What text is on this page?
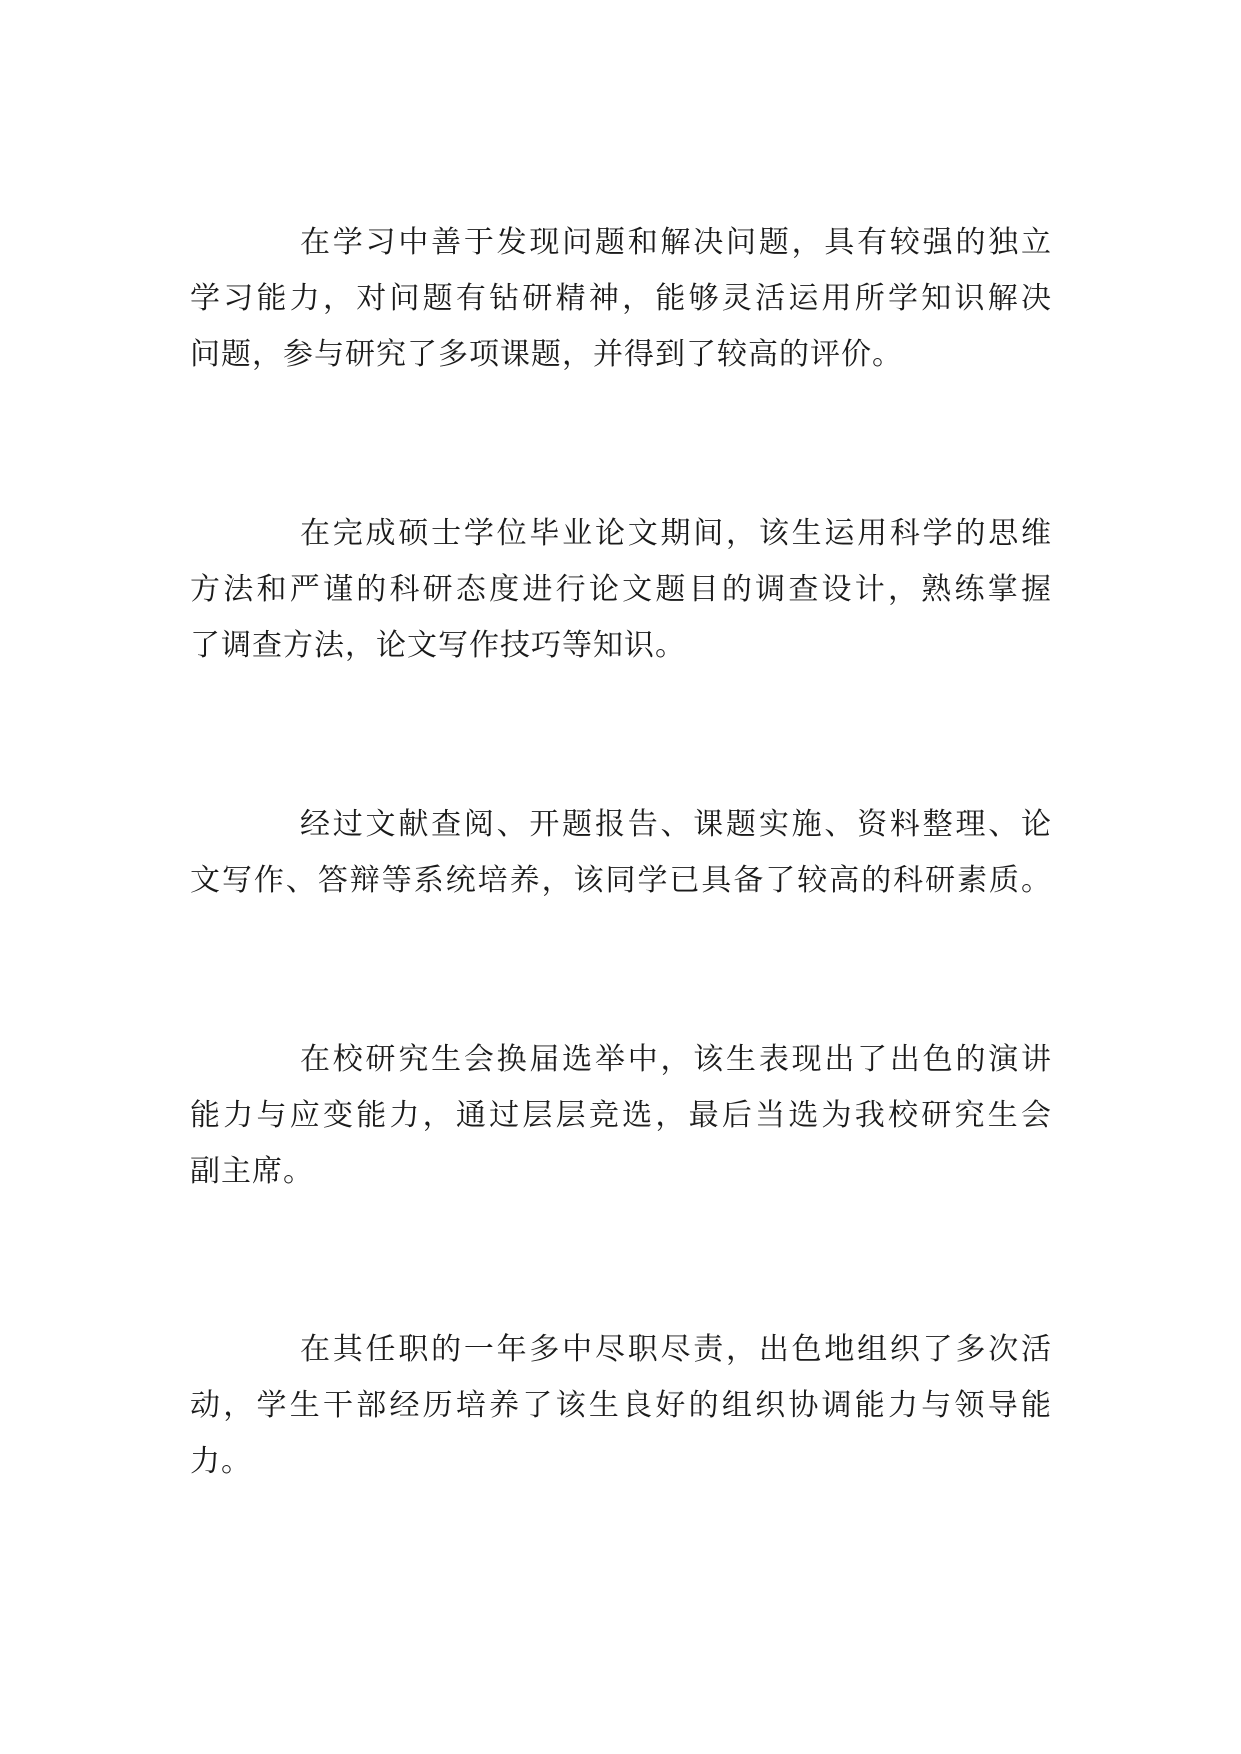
在学习中善于发现问题和解决问题，具有较强的独立
学习能力，对问题有钻研精神，能够灵活运用所学知识解决
问题，参与研究了多项课题，并得到了较高的评价。
在完成硕士学位毕业论文期间，该生运用科学的思维
方法和严谨的科研态度进行论文题目的调查设计，熟练掌握
了调查方法，论文写作技巧等知识。
经过文献查阅、开题报告、课题实施、资料整理、论
文写作、答辩等系统培养，该同学已具备了较高的科研素质。
在校研究生会换届选举中，该生表现出了出色的演讲
能力与应变能力，通过层层竞选，最后当选为我校研究生会
副主席。
在其任职的一年多中尽职尽责，出色地组织了多次活
动，学生干部经历培养了该生良好的组织协调能力与领导能
力。
